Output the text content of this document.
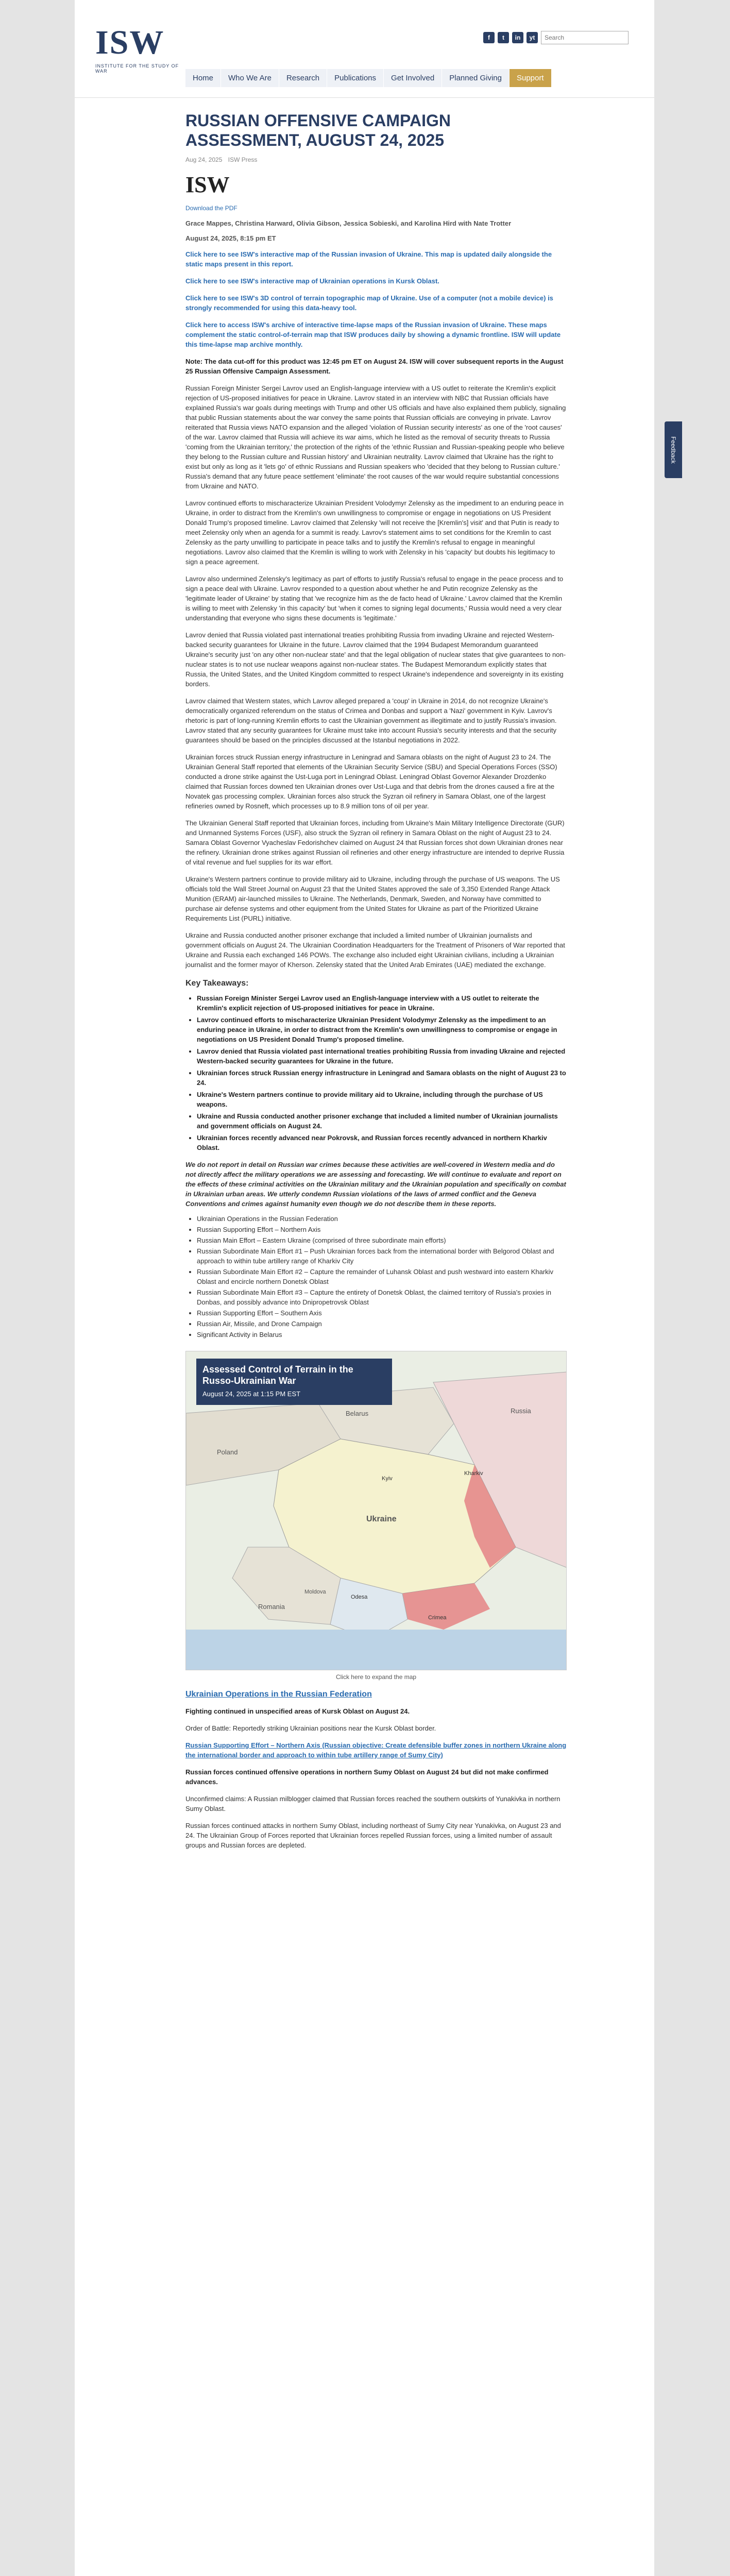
ISW
INSTITUTE FOR THE STUDY OF WAR
f	t	in	yt
Search
Home	Who We Are	Research	Publications	Get Involved	Planned Giving	Support
RUSSIAN OFFENSIVE CAMPAIGN ASSESSMENT, AUGUST 24, 2025
Aug 24, 2025 ISW Press
ISW
Download the PDF
Grace Mappes, Christina Harward, Olivia Gibson, Jessica Sobieski, and Karolina Hird with Nate Trotter
August 24, 2025, 8:15 pm ET

Click here to see ISW's interactive map of the Russian invasion of Ukraine. This map is updated daily alongside the static maps present in this report.

Click here to see ISW's interactive map of Ukrainian operations in Kursk Oblast.

Click here to see ISW's 3D control of terrain topographic map of Ukraine. Use of a computer (not a mobile device) is strongly recommended for using this data-heavy tool.

Click here to access ISW's archive of interactive time-lapse maps of the Russian invasion of Ukraine. These maps complement the static control-of-terrain map that ISW produces daily by showing a dynamic frontline. ISW will update this time-lapse map archive monthly.

Note: The data cut-off for this product was 12:45 pm ET on August 24. ISW will cover subsequent reports in the August 25 Russian Offensive Campaign Assessment.

Russian Foreign Minister Sergei Lavrov used an English-language interview with a US outlet to reiterate the Kremlin's explicit rejection of US-proposed initiatives for peace in Ukraine. Lavrov stated in an interview with NBC that Russian officials have explained Russia's war goals during meetings with Trump and other US officials and have also explained them publicly, signaling that public Russian statements about the war convey the same points that Russian officials are conveying in private. Lavrov reiterated that Russia views NATO expansion and the alleged 'violation of Russian security interests' as one of the 'root causes' of the war. Lavrov claimed that Russia will achieve its war aims, which he listed as the removal of security threats to Russia 'coming from the Ukrainian territory,' the protection of the rights of the 'ethnic Russian and Russian-speaking people who believe they belong to the Russian culture and Russian history' and Ukrainian neutrality. Lavrov claimed that Ukraine has the right to exist but only as long as it 'lets go' of ethnic Russians and Russian speakers who 'decided that they belong to Russian culture.' Russia's demand that any future peace settlement 'eliminate' the root causes of the war would require substantial concessions from Ukraine and NATO.

Lavrov continued efforts to mischaracterize Ukrainian President Volodymyr Zelensky as the impediment to an enduring peace in Ukraine, in order to distract from the Kremlin's own unwillingness to compromise or engage in negotiations on US President Donald Trump's proposed timeline. Lavrov claimed that Zelensky 'will not receive the [Kremlin's] visit' and that Putin is ready to meet Zelensky only when an agenda for a summit is ready. Lavrov's statement aims to set conditions for the Kremlin to cast Zelensky as the party unwilling to participate in peace talks and to justify the Kremlin's refusal to engage in meaningful negotiations. Lavrov also claimed that the Kremlin is willing to work with Zelensky in his 'capacity' but doubts his legitimacy to sign a peace agreement.

Lavrov also undermined Zelensky's legitimacy as part of efforts to justify Russia's refusal to engage in the peace process and to sign a peace deal with Ukraine. Lavrov responded to a question about whether he and Putin recognize Zelensky as the 'legitimate leader of Ukraine' by stating that 'we recognize him as the de facto head of Ukraine.' Lavrov claimed that the Kremlin is willing to meet with Zelensky 'in this capacity' but 'when it comes to signing legal documents,' Russia would need a very clear understanding that everyone who signs these documents is 'legitimate.'

Lavrov denied that Russia violated past international treaties prohibiting Russia from invading Ukraine and rejected Western-backed security guarantees for Ukraine in the future. Lavrov claimed that the 1994 Budapest Memorandum guaranteed Ukraine's security just 'on any other non-nuclear state' and that the legal obligation of nuclear states that give guarantees to non-nuclear states is to not use nuclear weapons against non-nuclear states. The Budapest Memorandum explicitly states that Russia, the United States, and the United Kingdom committed to respect Ukraine's independence and sovereignty in its existing borders.

Lavrov claimed that Western states, which Lavrov alleged prepared a 'coup' in Ukraine in 2014, do not recognize Ukraine's democratically organized referendum on the status of Crimea and Donbas and support a 'Nazi' government in Kyiv. Lavrov's rhetoric is part of long-running Kremlin efforts to cast the Ukrainian government as illegitimate and to justify Russia's invasion. Lavrov stated that any security guarantees for Ukraine must take into account Russia's security interests and that the security guarantees should be based on the principles discussed at the Istanbul negotiations in 2022.

Ukrainian forces struck Russian energy infrastructure in Leningrad and Samara oblasts on the night of August 23 to 24. The Ukrainian General Staff reported that elements of the Ukrainian Security Service (SBU) and Special Operations Forces (SSO) conducted a drone strike against the Ust-Luga port in Leningrad Oblast. Leningrad Oblast Governor Alexander Drozdenko claimed that Russian forces downed ten Ukrainian drones over Ust-Luga and that debris from the drones caused a fire at the Novatek gas processing complex. Ukrainian forces also struck the Syzran oil refinery in Samara Oblast, one of the largest refineries owned by Rosneft, which processes up to 8.9 million tons of oil per year.

The Ukrainian General Staff reported that Ukrainian forces, including from Ukraine's Main Military Intelligence Directorate (GUR) and Unmanned Systems Forces (USF), also struck the Syzran oil refinery in Samara Oblast on the night of August 23 to 24. Samara Oblast Governor Vyacheslav Fedorishchev claimed on August 24 that Russian forces shot down Ukrainian drones near the refinery. Ukrainian drone strikes against Russian oil refineries and other energy infrastructure are intended to deprive Russia of vital revenue and fuel supplies for its war effort.

Ukraine's Western partners continue to provide military aid to Ukraine, including through the purchase of US weapons. The US officials told the Wall Street Journal on August 23 that the United States approved the sale of 3,350 Extended Range Attack Munition (ERAM) air-launched missiles to Ukraine. The Netherlands, Denmark, Sweden, and Norway have committed to purchase air defense systems and other equipment from the United States for Ukraine as part of the Prioritized Ukraine Requirements List (PURL) initiative.

Ukraine and Russia conducted another prisoner exchange that included a limited number of Ukrainian journalists and government officials on August 24. The Ukrainian Coordination Headquarters for the Treatment of Prisoners of War reported that Ukraine and Russia each exchanged 146 POWs. The exchange also included eight Ukrainian civilians, including a Ukrainian journalist and the former mayor of Kherson. Zelensky stated that the United Arab Emirates (UAE) mediated the exchange.

Key Takeaways:
• Russian Foreign Minister Sergei Lavrov used an English-language interview with a US outlet to reiterate the Kremlin's explicit rejection of US-proposed initiatives for peace in Ukraine.
• Lavrov continued efforts to mischaracterize Ukrainian President Volodymyr Zelensky as the impediment to an enduring peace in Ukraine, in order to distract from the Kremlin's own unwillingness to compromise or engage in negotiations on US President Donald Trump's proposed timeline.
• Lavrov denied that Russia violated past international treaties prohibiting Russia from invading Ukraine and rejected Western-backed security guarantees for Ukraine in the future.
• Ukrainian forces struck Russian energy infrastructure in Leningrad and Samara oblasts on the night of August 23 to 24.
• Ukraine's Western partners continue to provide military aid to Ukraine, including through the purchase of US weapons.
• Ukraine and Russia conducted another prisoner exchange that included a limited number of Ukrainian journalists and government officials on August 24.
• Ukrainian forces recently advanced near Pokrovsk, and Russian forces recently advanced in northern Kharkiv Oblast.

We do not report in detail on Russian war crimes because these activities are well-covered in Western media and do not directly affect the military operations we are assessing and forecasting. We will continue to evaluate and report on the effects of these criminal activities on the Ukrainian military and the Ukrainian population and specifically on combat in Ukrainian urban areas. We utterly condemn Russian violations of the laws of armed conflict and the Geneva Conventions and crimes against humanity even though we do not describe them in these reports.

• Ukrainian Operations in the Russian Federation
• Russian Supporting Effort – Northern Axis
• Russian Main Effort – Eastern Ukraine (comprised of three subordinate main efforts)
• Russian Subordinate Main Effort #1 – Push Ukrainian forces back from the international border with Belgorod Oblast and approach to within tube artillery range of Kharkiv City
• Russian Subordinate Main Effort #2 – Capture the remainder of Luhansk Oblast and push westward into eastern Kharkiv Oblast and encircle northern Donetsk Oblast
• Russian Subordinate Main Effort #3 – Capture the entirety of Donetsk Oblast, the claimed territory of Russia's proxies in Donbas, and possibly advance into Dnipropetrovsk Oblast
• Russian Supporting Effort – Southern Axis
• Russian Air, Missile, and Drone Campaign
• Significant Activity in Belarus
Belarus	Russia
Ukraine
Poland
Moldova
Romania
Kyiv
Kharkiv
Odesa
Crimea
Assessed Control of Terrain in the Russo-Ukrainian War
August 24, 2025 at 1:15 PM EST
Click here to expand the map
Ukrainian Operations in the Russian Federation

Fighting continued in unspecified areas of Kursk Oblast on August 24.

Order of Battle: Reportedly striking Ukrainian positions near the Kursk Oblast border.

Russian Supporting Effort – Northern Axis (Russian objective: Create defensible buffer zones in northern Ukraine along the international border and approach to within tube artillery range of Sumy City)

Russian forces continued offensive operations in northern Sumy Oblast on August 24 but did not make confirmed advances.

Unconfirmed claims: A Russian milblogger claimed that Russian forces reached the southern outskirts of Yunakivka in northern Sumy Oblast.

Russian forces continued attacks in northern Sumy Oblast, including northeast of Sumy City near Yunakivka, on August 23 and 24. The Ukrainian Group of Forces reported that Ukrainian forces repelled Russian forces, using a limited number of assault groups and Russian forces are depleted.

Feedback
